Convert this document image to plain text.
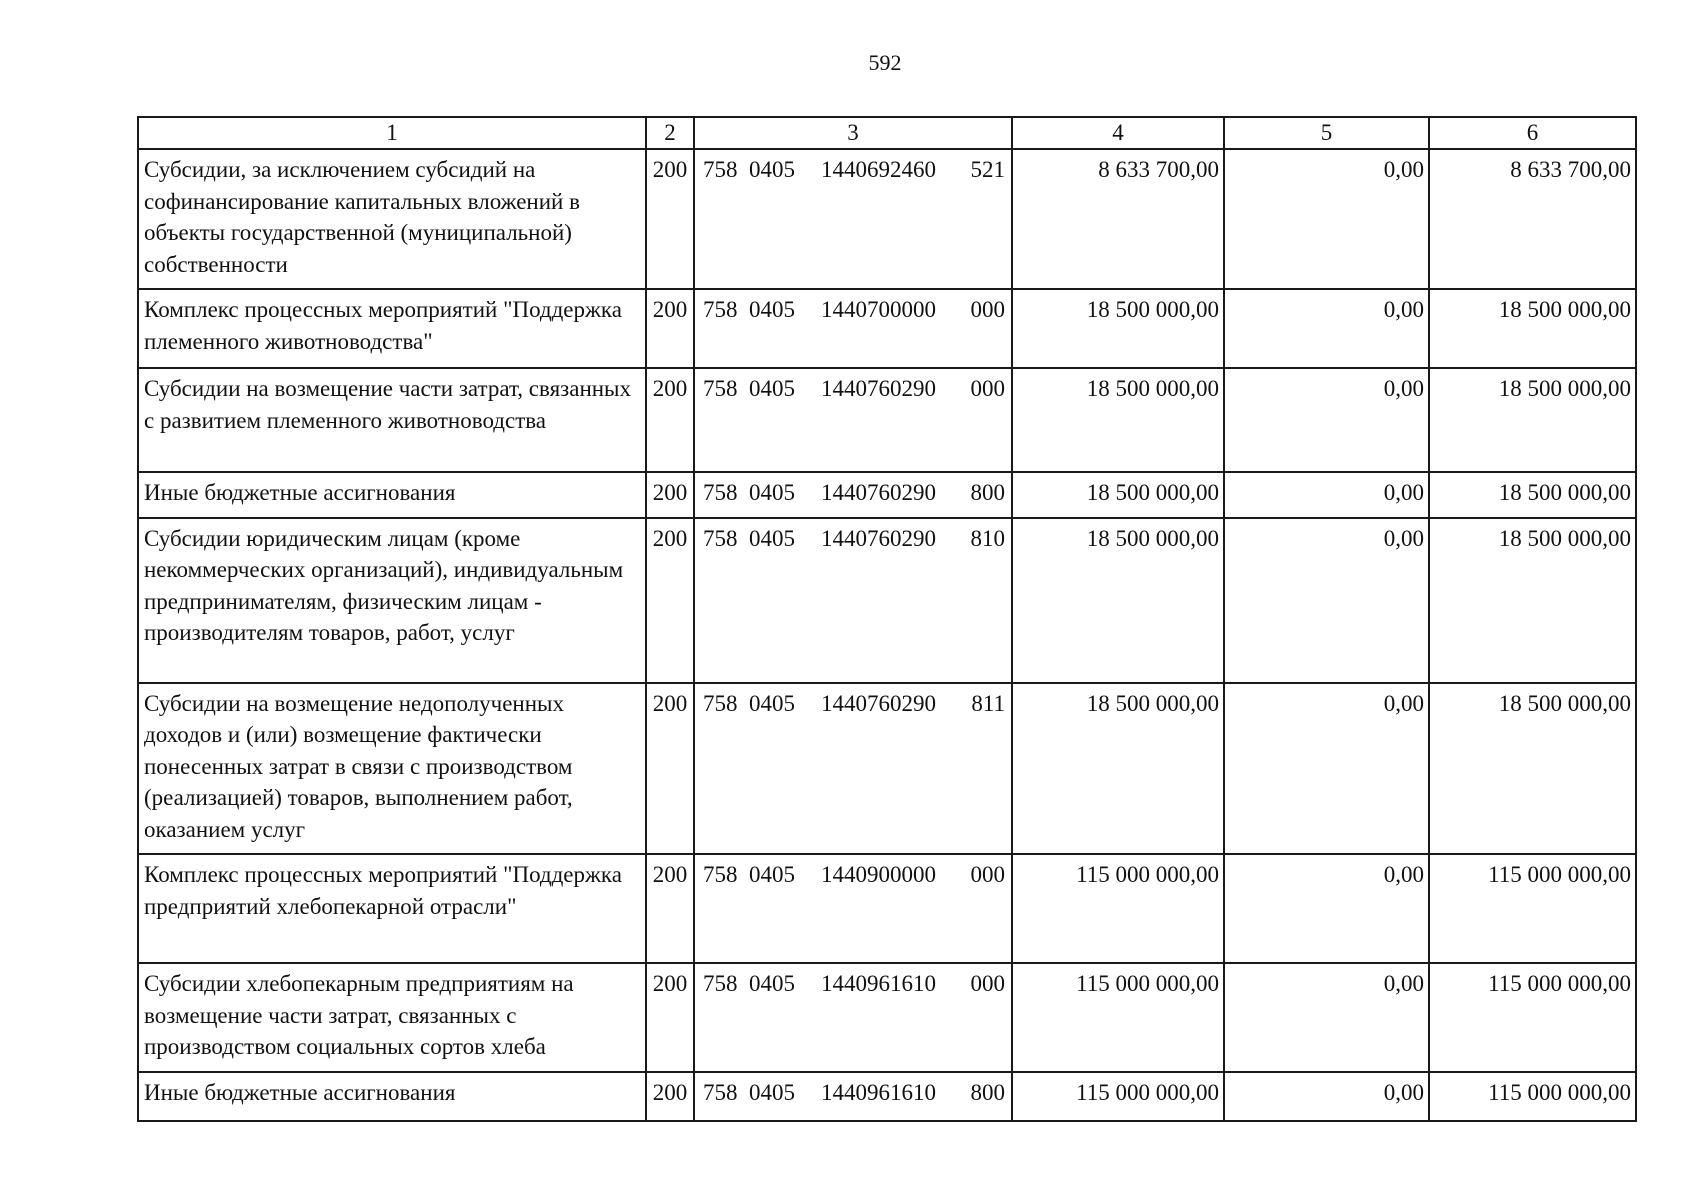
592
1	2	3	4	5	6
Субсидии, за исключением субсидий на софинансирование капитальных вложений в объекты государственной (муниципальной) собственности	200	758 0405 1440692460 521	8 633 700,00	0,00	8 633 700,00
Комплекс процессных мероприятий "Поддержка племенного животноводства"	200	758 0405 1440700000 000	18 500 000,00	0,00	18 500 000,00
Субсидии на возмещение части затрат, связанных с развитием племенного животноводства	200	758 0405 1440760290 000	18 500 000,00	0,00	18 500 000,00
Иные бюджетные ассигнования	200	758 0405 1440760290 800	18 500 000,00	0,00	18 500 000,00
Субсидии юридическим лицам (кроме некоммерческих организаций), индивидуальным предпринимателям, физическим лицам - производителям товаров, работ, услуг	200	758 0405 1440760290 810	18 500 000,00	0,00	18 500 000,00
Субсидии на возмещение недополученных доходов и (или) возмещение фактически понесенных затрат в связи с производством (реализацией) товаров, выполнением работ, оказанием услуг	200	758 0405 1440760290 811	18 500 000,00	0,00	18 500 000,00
Комплекс процессных мероприятий "Поддержка предприятий хлебопекарной отрасли"	200	758 0405 1440900000 000	115 000 000,00	0,00	115 000 000,00
Субсидии хлебопекарным предприятиям на возмещение части затрат, связанных с производством социальных сортов хлеба	200	758 0405 1440961610 000	115 000 000,00	0,00	115 000 000,00
Иные бюджетные ассигнования	200	758 0405 1440961610 800	115 000 000,00	0,00	115 000 000,00
